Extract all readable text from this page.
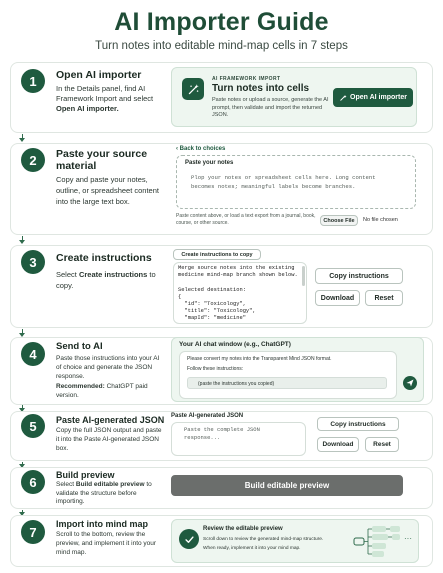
AI Importer Guide
Turn notes into editable mind-map cells in 7 steps
1	Open AI importer
In the Details panel, find AI Framework Import and select Open AI importer.
AI FRAMEWORK IMPORT
Turn notes into cells
Paste notes or upload a source, generate the AI prompt, then validate and import the returned JSON.
Open AI importer
2	Paste your source
material
Copy and paste your notes, outline, or spreadsheet content into the large text box.
‹ Back to choices
Paste your notes
Plop your notes or spreadsheet cells here. Long content becomes notes; meaningful labels become branches.
Paste content above, or load a text export from a journal, book, course, or other source.	Choose File	No file chosen
3	Create instructions
Select Create instructions to copy.
Create instructions to copy
Merge source notes into the existing
medicine mind-map branch shown below.
Selected destination:
{
"id": "Toxicology",
"title": "Toxicology",
"mapId": "medicine"
Copy instructions
Download	Reset
4	Send to AI
Paste those instructions into your AI of choice and generate the JSON response.
Recommended: ChatGPT paid version.
Your AI chat window (e.g., ChatGPT)
Please convert my notes into the Transparent Mind JSON format.
Follow these instructions:
(paste the instructions you copied)
5	Paste AI-generated JSON
Copy the full JSON output and paste it into the Paste AI-generated JSON box.
Paste AI-generated JSON
Paste the complete JSON response...
Copy instructions
Download	Reset
6	Build preview
Select Build editable preview to validate the structure before importing.
Build editable preview
7
Import into mind map
Scroll to the bottom, review the preview, and implement it into your mind map.
Review the editable preview
Scroll down to review the generated mind-map structure.
When ready, implement it into your mind map.
···
